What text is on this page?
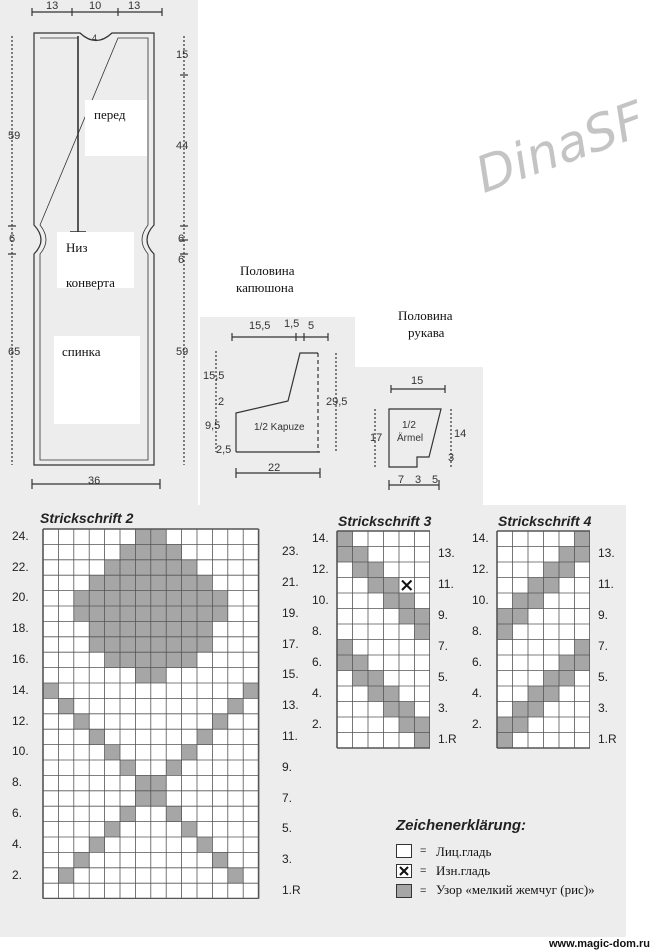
13	10 13
4
59
6
65
15
44
6
6
59
36
перед
Низ
конверта
спинка
Половина
капюшона
15,5 1,5 5
15,5
2
9,5
2,5
29,5
22
1/2 Kapuze
Половина
рукава
15
17	14
3
7 3 5
1/2
Ärmel
DinaSF
Strickschrift 2	Strickschrift 3	Strickschrift 4
2.
4.
6.
8.
10.
12.
14.
16.
18.
20.
22.
24.
1.R
3.
5.
7.
9.
11.
13.
15.
17.
19.
21.
23.
2.
4.
6.
8.
10.
12.
14.
1.R
3.
5.
7.
9.
11.
13.
2.
4.
6.
8.
10.
12.
14.
1.R
3.
5.
7.
9.
11.
13.
Zeichenerklärung:
= Лиц.гладь
= Изн.гладь
= Узор «мелкий жемчуг (рис)»
www.magic-dom.ru
